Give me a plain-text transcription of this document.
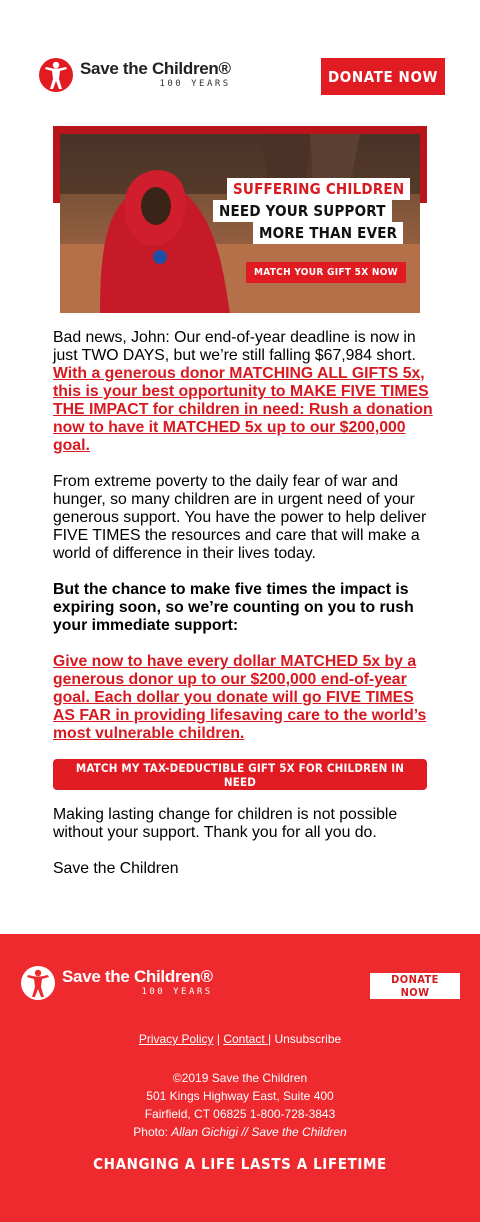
Save the Children®
100 YEARS	DONATE NOW
SUFFERING CHILDREN
NEED YOUR SUPPORT
MORE THAN EVER
MATCH YOUR GIFT 5X NOW

Bad news, John: Our end-of-year deadline is now in just TWO DAYS, but we’re still falling $67,984 short. With a generous donor MATCHING ALL GIFTS 5x, this is your best opportunity to MAKE FIVE TIMES THE IMPACT for children in need: Rush a donation now to have it MATCHED 5x up to our $200,000 goal.

From extreme poverty to the daily fear of war and hunger, so many children are in urgent need of your generous support. You have the power to help deliver FIVE TIMES the resources and care that will make a world of difference in their lives today.

But the chance to make five times the impact is expiring soon, so we’re counting on you to rush your immediate support:

Give now to have every dollar MATCHED 5x by a generous donor up to our $200,000 end-of-year goal. Each dollar you donate will go FIVE TIMES AS FAR in providing lifesaving care to the world’s most vulnerable children.

MATCH MY TAX-DEDUCTIBLE GIFT 5X FOR CHILDREN IN NEED

Making lasting change for children is not possible without your support. Thank you for all you do.

Save the Children

Save the Children®
100 YEARS
DONATE NOW
Privacy Policy | Contact | Unsubscribe
©2019 Save the Children
501 Kings Highway East, Suite 400
Fairfield, CT 06825 1-800-728-3843
Photo: Allan Gichigi // Save the Children
CHANGING A LIFE LASTS A LIFETIME
